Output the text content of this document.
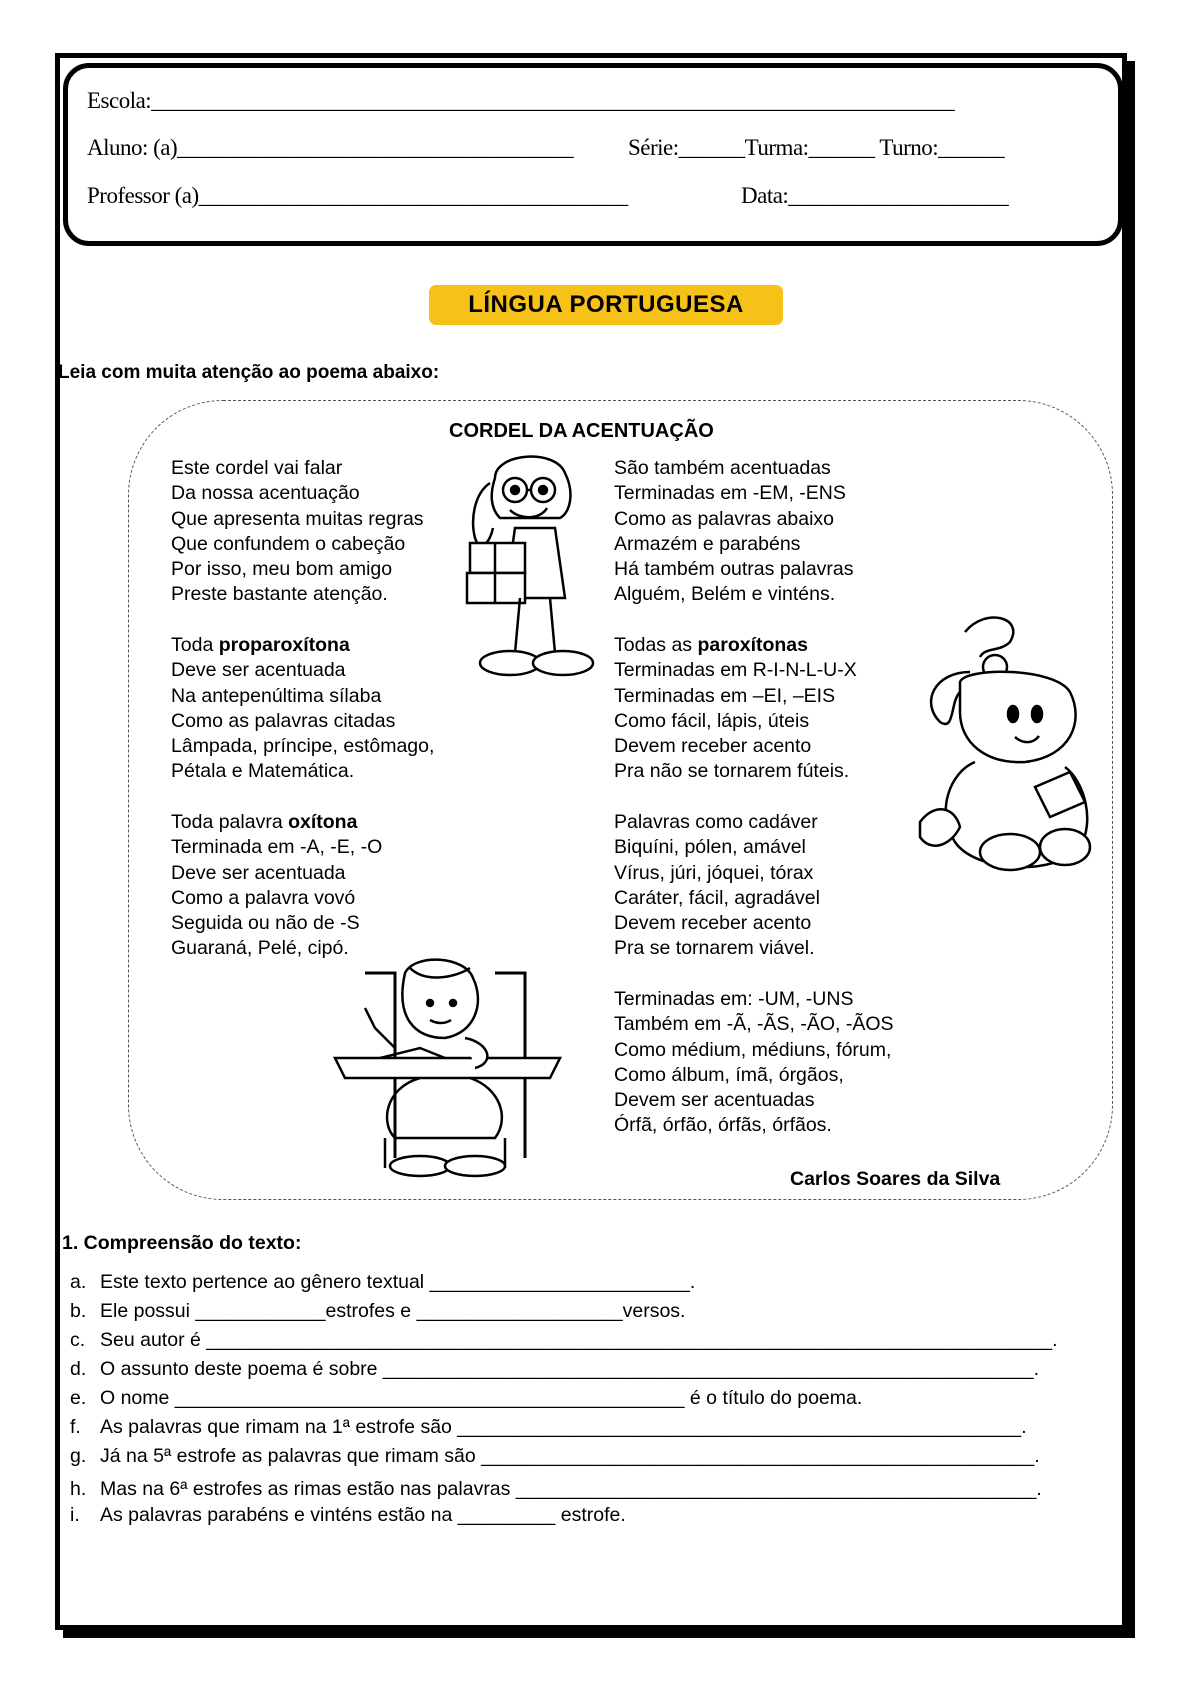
Escola:_________________________________________________________________________
Aluno: (a)____________________________________ Série:______Turma:______ Turno:______
Professor (a)_______________________________________	Data:____________________
LÍNGUA PORTUGUESA
Leia com muita atenção ao poema abaixo:
CORDEL DA ACENTUAÇÃO
Este cordel vai falar
Da nossa acentuação
Que apresenta muitas regras
Que confundem o cabeção
Por isso, meu bom amigo
Preste bastante atenção.
Toda proparoxítona
Deve ser acentuada
Na antepenúltima sílaba
Como as palavras citadas
Lâmpada, príncipe, estômago,
Pétala e Matemática.
Toda palavra oxítona
Terminada em -A, -E, -O
Deve ser acentuada
Como a palavra vovó
Seguida ou não de -S
Guaraná, Pelé, cipó.
São também acentuadas
Terminadas em -EM, -ENS
Como as palavras abaixo
Armazém e parabéns
Há também outras palavras
Alguém, Belém e vinténs.
Todas as paroxítonas
Terminadas em R-I-N-L-U-X
Terminadas em –EI, –EIS
Como fácil, lápis, úteis
Devem receber acento
Pra não se tornarem fúteis.
Palavras como cadáver
Biquíni, pólen, amável
Vírus, júri, jóquei, tórax
Caráter, fácil, agradável
Devem receber acento
Pra se tornarem viável.
Terminadas em: -UM, -UNS
Também em -Ã, -ÃS, -ÃO, -ÃOS
Como médium, médiuns, fórum,
Como álbum, ímã, órgãos,
Devem ser acentuadas
Órfã, órfão, órfãs, órfãos.
Carlos Soares da Silva
1. Compreensão do texto:
a. Este texto pertence ao gênero textual ________________________.
b. Ele possui ____________estrofes e ___________________versos.
c. Seu autor é ______________________________________________________________________________.
d. O assunto deste poema é sobre ____________________________________________________________.
e. O nome _______________________________________________ é o título do poema.
f. As palavras que rimam na 1ª estrofe são ____________________________________________________.
g. Já na 5ª estrofe as palavras que rimam são ___________________________________________________.
h. Mas na 6ª estrofes as rimas estão nas palavras ________________________________________________.
i. As palavras parabéns e vinténs estão na _________ estrofe.
